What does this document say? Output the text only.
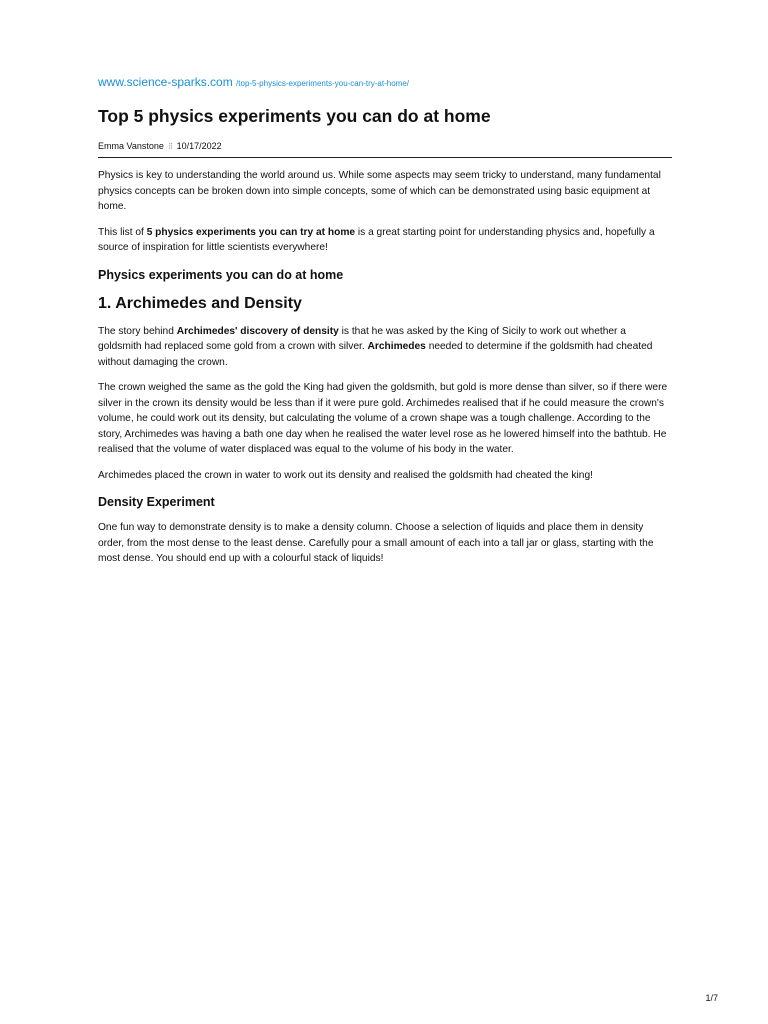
www.science-sparks.com /top-5-physics-experiments-you-can-try-at-home/
Top 5 physics experiments you can do at home
Emma Vanstone ⁝⁝ 10/17/2022

Physics is key to understanding the world around us. While some aspects may seem tricky to understand, many fundamental physics concepts can be broken down into simple concepts, some of which can be demonstrated using basic equipment at home.

This list of 5 physics experiments you can try at home is a great starting point for understanding physics and, hopefully a source of inspiration for little scientists everywhere!

Physics experiments you can do at home
1. Archimedes and Density

The story behind Archimedes' discovery of density is that he was asked by the King of Sicily to work out whether a goldsmith had replaced some gold from a crown with silver. Archimedes needed to determine if the goldsmith had cheated without damaging the crown.

The crown weighed the same as the gold the King had given the goldsmith, but gold is more dense than silver, so if there were silver in the crown its density would be less than if it were pure gold. Archimedes realised that if he could measure the crown's volume, he could work out its density, but calculating the volume of a crown shape was a tough challenge. According to the story, Archimedes was having a bath one day when he realised the water level rose as he lowered himself into the bathtub. He realised that the volume of water displaced was equal to the volume of his body in the water.

Archimedes placed the crown in water to work out its density and realised the goldsmith had cheated the king!

Density Experiment

One fun way to demonstrate density is to make a density column. Choose a selection of liquids and place them in density order, from the most dense to the least dense. Carefully pour a small amount of each into a tall jar or glass, starting with the most dense. You should end up with a colourful stack of liquids!

1/7
